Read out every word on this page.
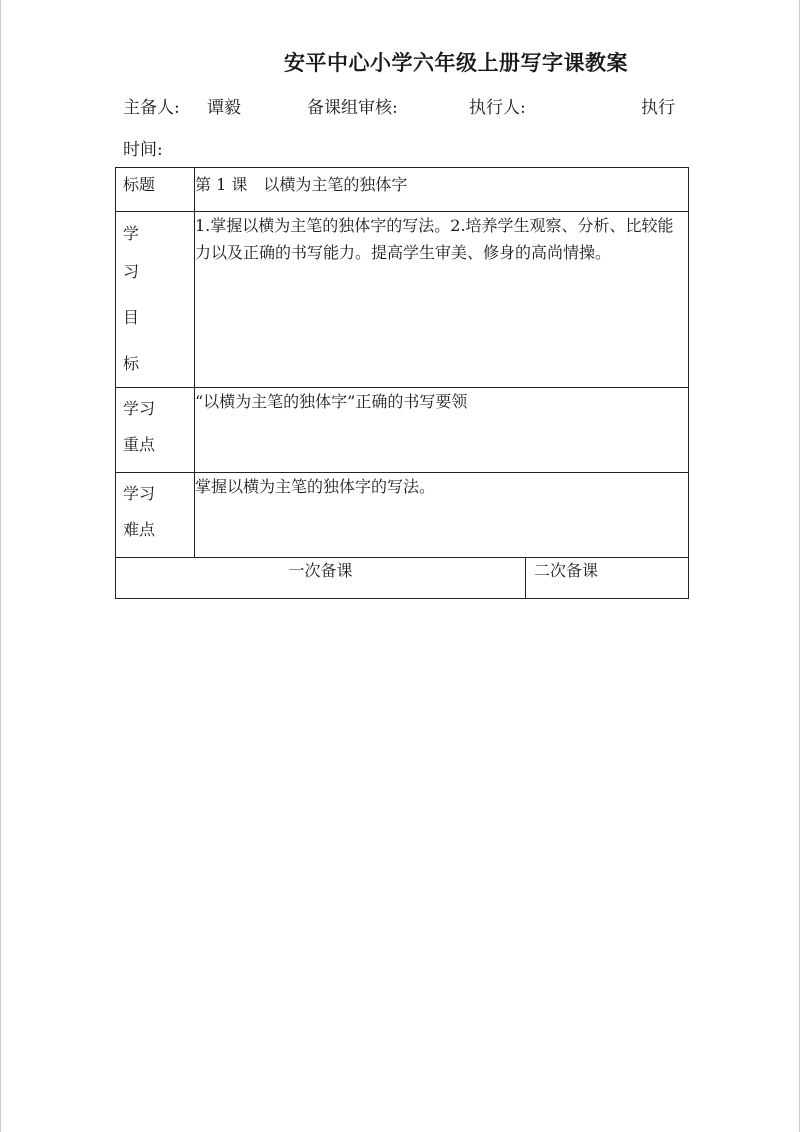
安平中心小学六年级上册写字课教案
主备人: 谭毅	备课组审核:	执行人:	执行
时间:
标题	第 1 课　以横为主笔的独体字	

学
习
目
标	1.掌握以横为主笔的独体字的写法。2.培养学生观察、分析、比较能力以及正确的书写能力。提高学生审美、修身的高尚情操。	

学习
重点	“以横为主笔的独体字”正确的书写要领	

学习
难点	掌握以横为主笔的独体字的写法。	
一次备课		二次备课
